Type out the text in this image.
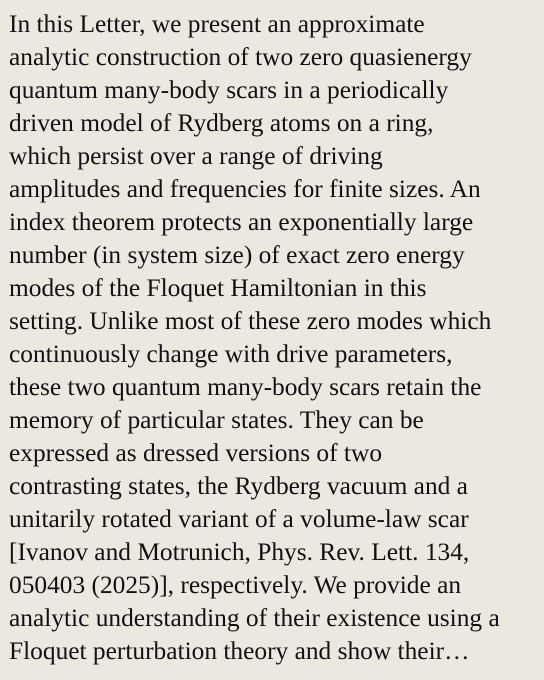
In this Letter, we present an approximate
analytic construction of two zero quasienergy
quantum many-body scars in a periodically
driven model of Rydberg atoms on a ring,
which persist over a range of driving
amplitudes and frequencies for finite sizes. An
index theorem protects an exponentially large
number (in system size) of exact zero energy
modes of the Floquet Hamiltonian in this
setting. Unlike most of these zero modes which
continuously change with drive parameters,
these two quantum many-body scars retain the
memory of particular states. They can be
expressed as dressed versions of two
contrasting states, the Rydberg vacuum and a
unitarily rotated variant of a volume-law scar
[Ivanov and Motrunich, Phys. Rev. Lett. 134,
050403 (2025)], respectively. We provide an
analytic understanding of their existence using a
Floquet perturbation theory and show their…
